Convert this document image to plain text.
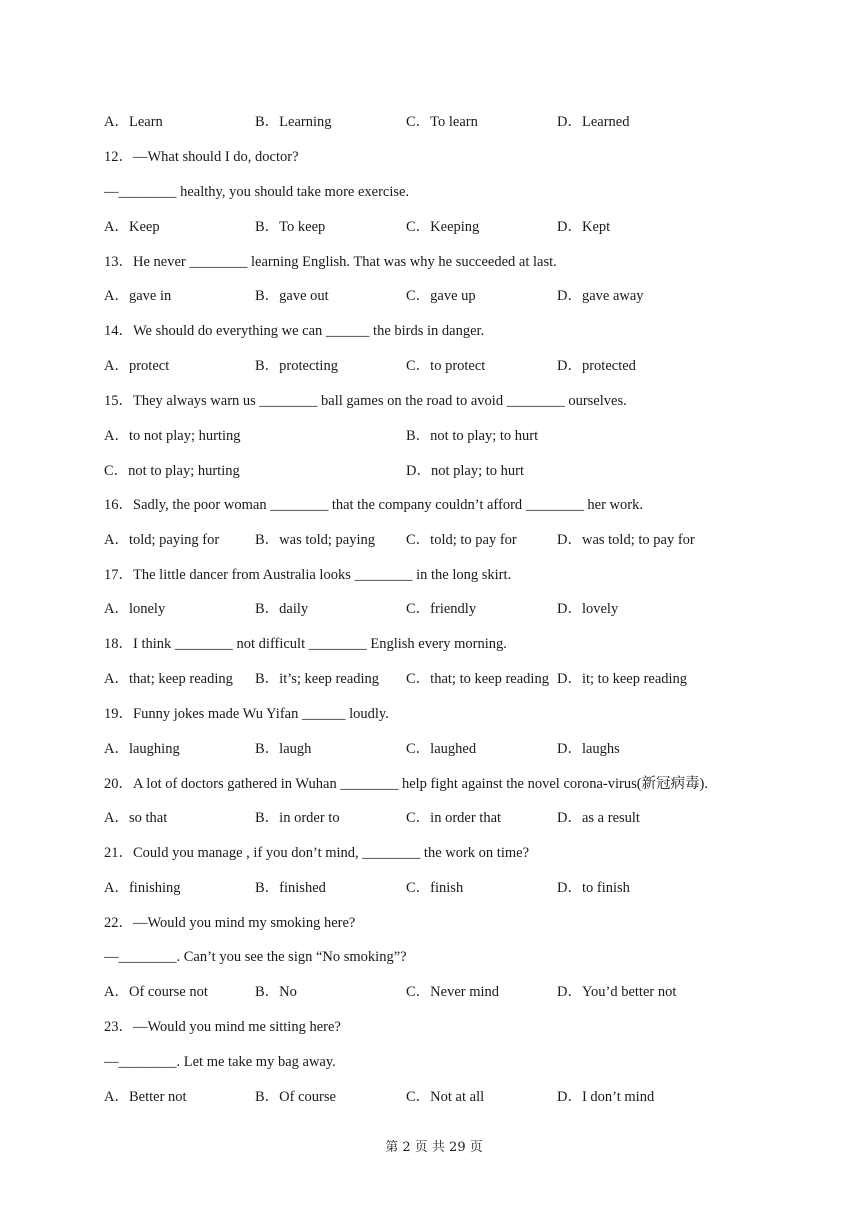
第 2 页 共 29 页
A．Learn	B．Learning	C．To learn	D．Learned
12．—What should I do, doctor?
—________ healthy, you should take more exercise.
A．Keep	B．To keep	C．Keeping	D．Kept
13．He never ________ learning English. That was why he succeeded at last.
A．gave in	B．gave out	C．gave up	D．gave away
14．We should do everything we can ______ the birds in danger.
A．protect	B．protecting	C．to protect	D．protected
15．They always warn us ________ ball games on the road to avoid ________ ourselves.
A．to not play; hurting	B．not to play; to hurt
C．not to play; hurting	D．not play; to hurt
16．Sadly, the poor woman ________ that the company couldn’t afford ________ her work.
A．told; paying for B．was told; paying C．told; to pay for	D．was told; to pay for
17．The little dancer from Australia looks ________ in the long skirt.
A．lonely	B．daily	C．friendly	D．lovely
18．I think ________ not difficult ________ English every morning.
A．that; keep reading B．it’s; keep reading C．that; to keep reading D．it; to keep reading
19．Funny jokes made Wu Yifan ______ loudly.
A．laughing	B．laugh	C．laughed	D．laughs
20．A lot of doctors gathered in Wuhan ________ help fight against the novel corona-virus(新冠病毒).
A．so that	B．in order to	C．in order that	D．as a result
21．Could you manage , if you don’t mind, ________ the work on time?
A．finishing	B．finished	C．finish	D．to finish
22．—Would you mind my smoking here?
—________. Can’t you see the sign “No smoking”?
A．Of course not	B．No	C．Never mind	D．You’d better not
23．—Would you mind me sitting here?
—________. Let me take my bag away.
A．Better not	B．Of course	C．Not at all	D．I don’t mind
